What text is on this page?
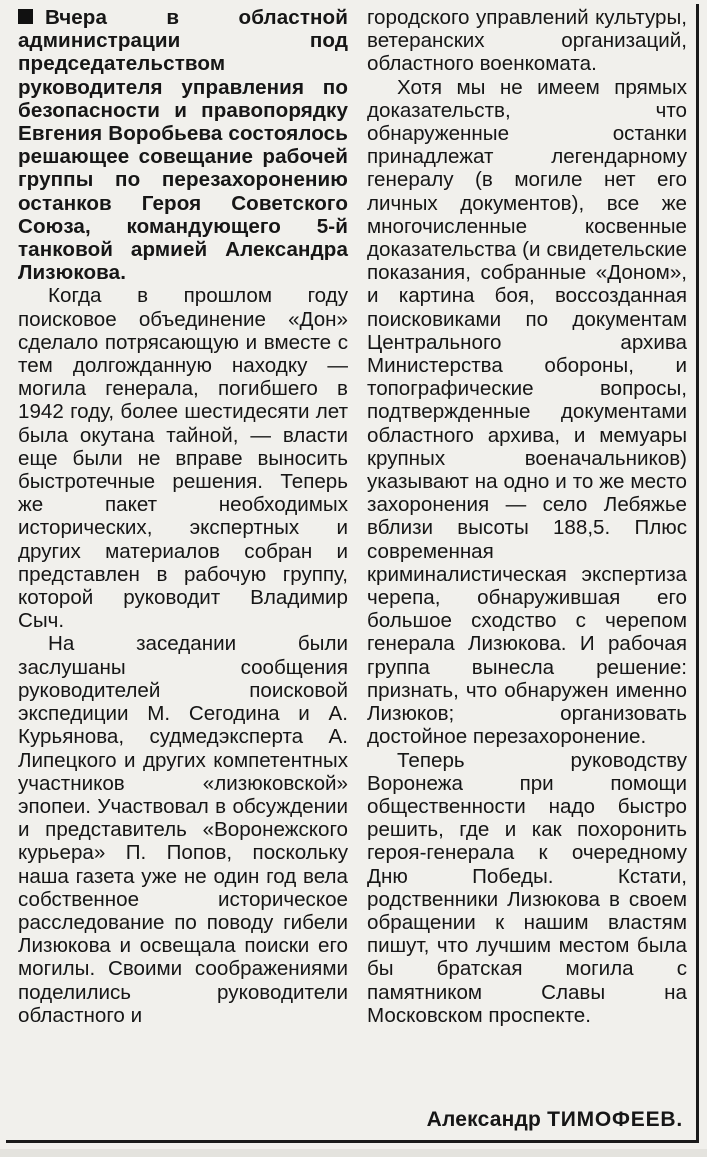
Вчера в областной администрации под председательством руководителя управления по безопасности и правопорядку Евгения Воробьева состоялось решающее совещание рабочей группы по перезахоронению останков Героя Советского Союза, командующего 5-й танковой армией Александра Лизюкова.

Когда в прошлом году поисковое объединение «Дон» сделало потрясающую и вместе с тем долгожданную находку — могила генерала, погибшего в 1942 году, более шестидесяти лет была окутана тайной, — власти еще были не вправе выносить быстротечные решения. Теперь же пакет необходимых исторических, экспертных и других материалов собран и представлен в рабочую группу, которой руководит Владимир Сыч.

На заседании были заслушаны сообщения руководителей поисковой экспедиции М. Сегодина и А. Курьянова, судмедэксперта А. Липецкого и других компетентных участников «лизюковской» эпопеи. Участвовал в обсуждении и представитель «Воронежского курьера» П. Попов, поскольку наша газета уже не один год вела собственное историческое расследование по поводу гибели Лизюкова и освещала поиски его могилы. Своими соображениями поделились руководители областного и

городского управлений культуры, ветеранских организаций, областного военкомата.

Хотя мы не имеем прямых доказательств, что обнаруженные останки принадлежат легендарному генералу (в могиле нет его личных документов), все же многочисленные косвенные доказательства (и свидетельские показания, собранные «Доном», и картина боя, воссозданная поисковиками по документам Центрального архива Министерства обороны, и топографические вопросы, подтвержденные документами областного архива, и мемуары крупных военачальников) указывают на одно и то же место захоронения — село Лебяжье вблизи высоты 188,5. Плюс современная криминалистическая экспертиза черепа, обнаружившая его большое сходство с черепом генерала Лизюкова. И рабочая группа вынесла решение: признать, что обнаружен именно Лизюков; организовать достойное перезахоронение.

Теперь руководству Воронежа при помощи общественности надо быстро решить, где и как похоронить героя-генерала к очередному Дню Победы. Кстати, родственники Лизюкова в своем обращении к нашим властям пишут, что лучшим местом была бы братская могила с памятником Славы на Московском проспекте.

Александр ТИМОФЕЕВ.
